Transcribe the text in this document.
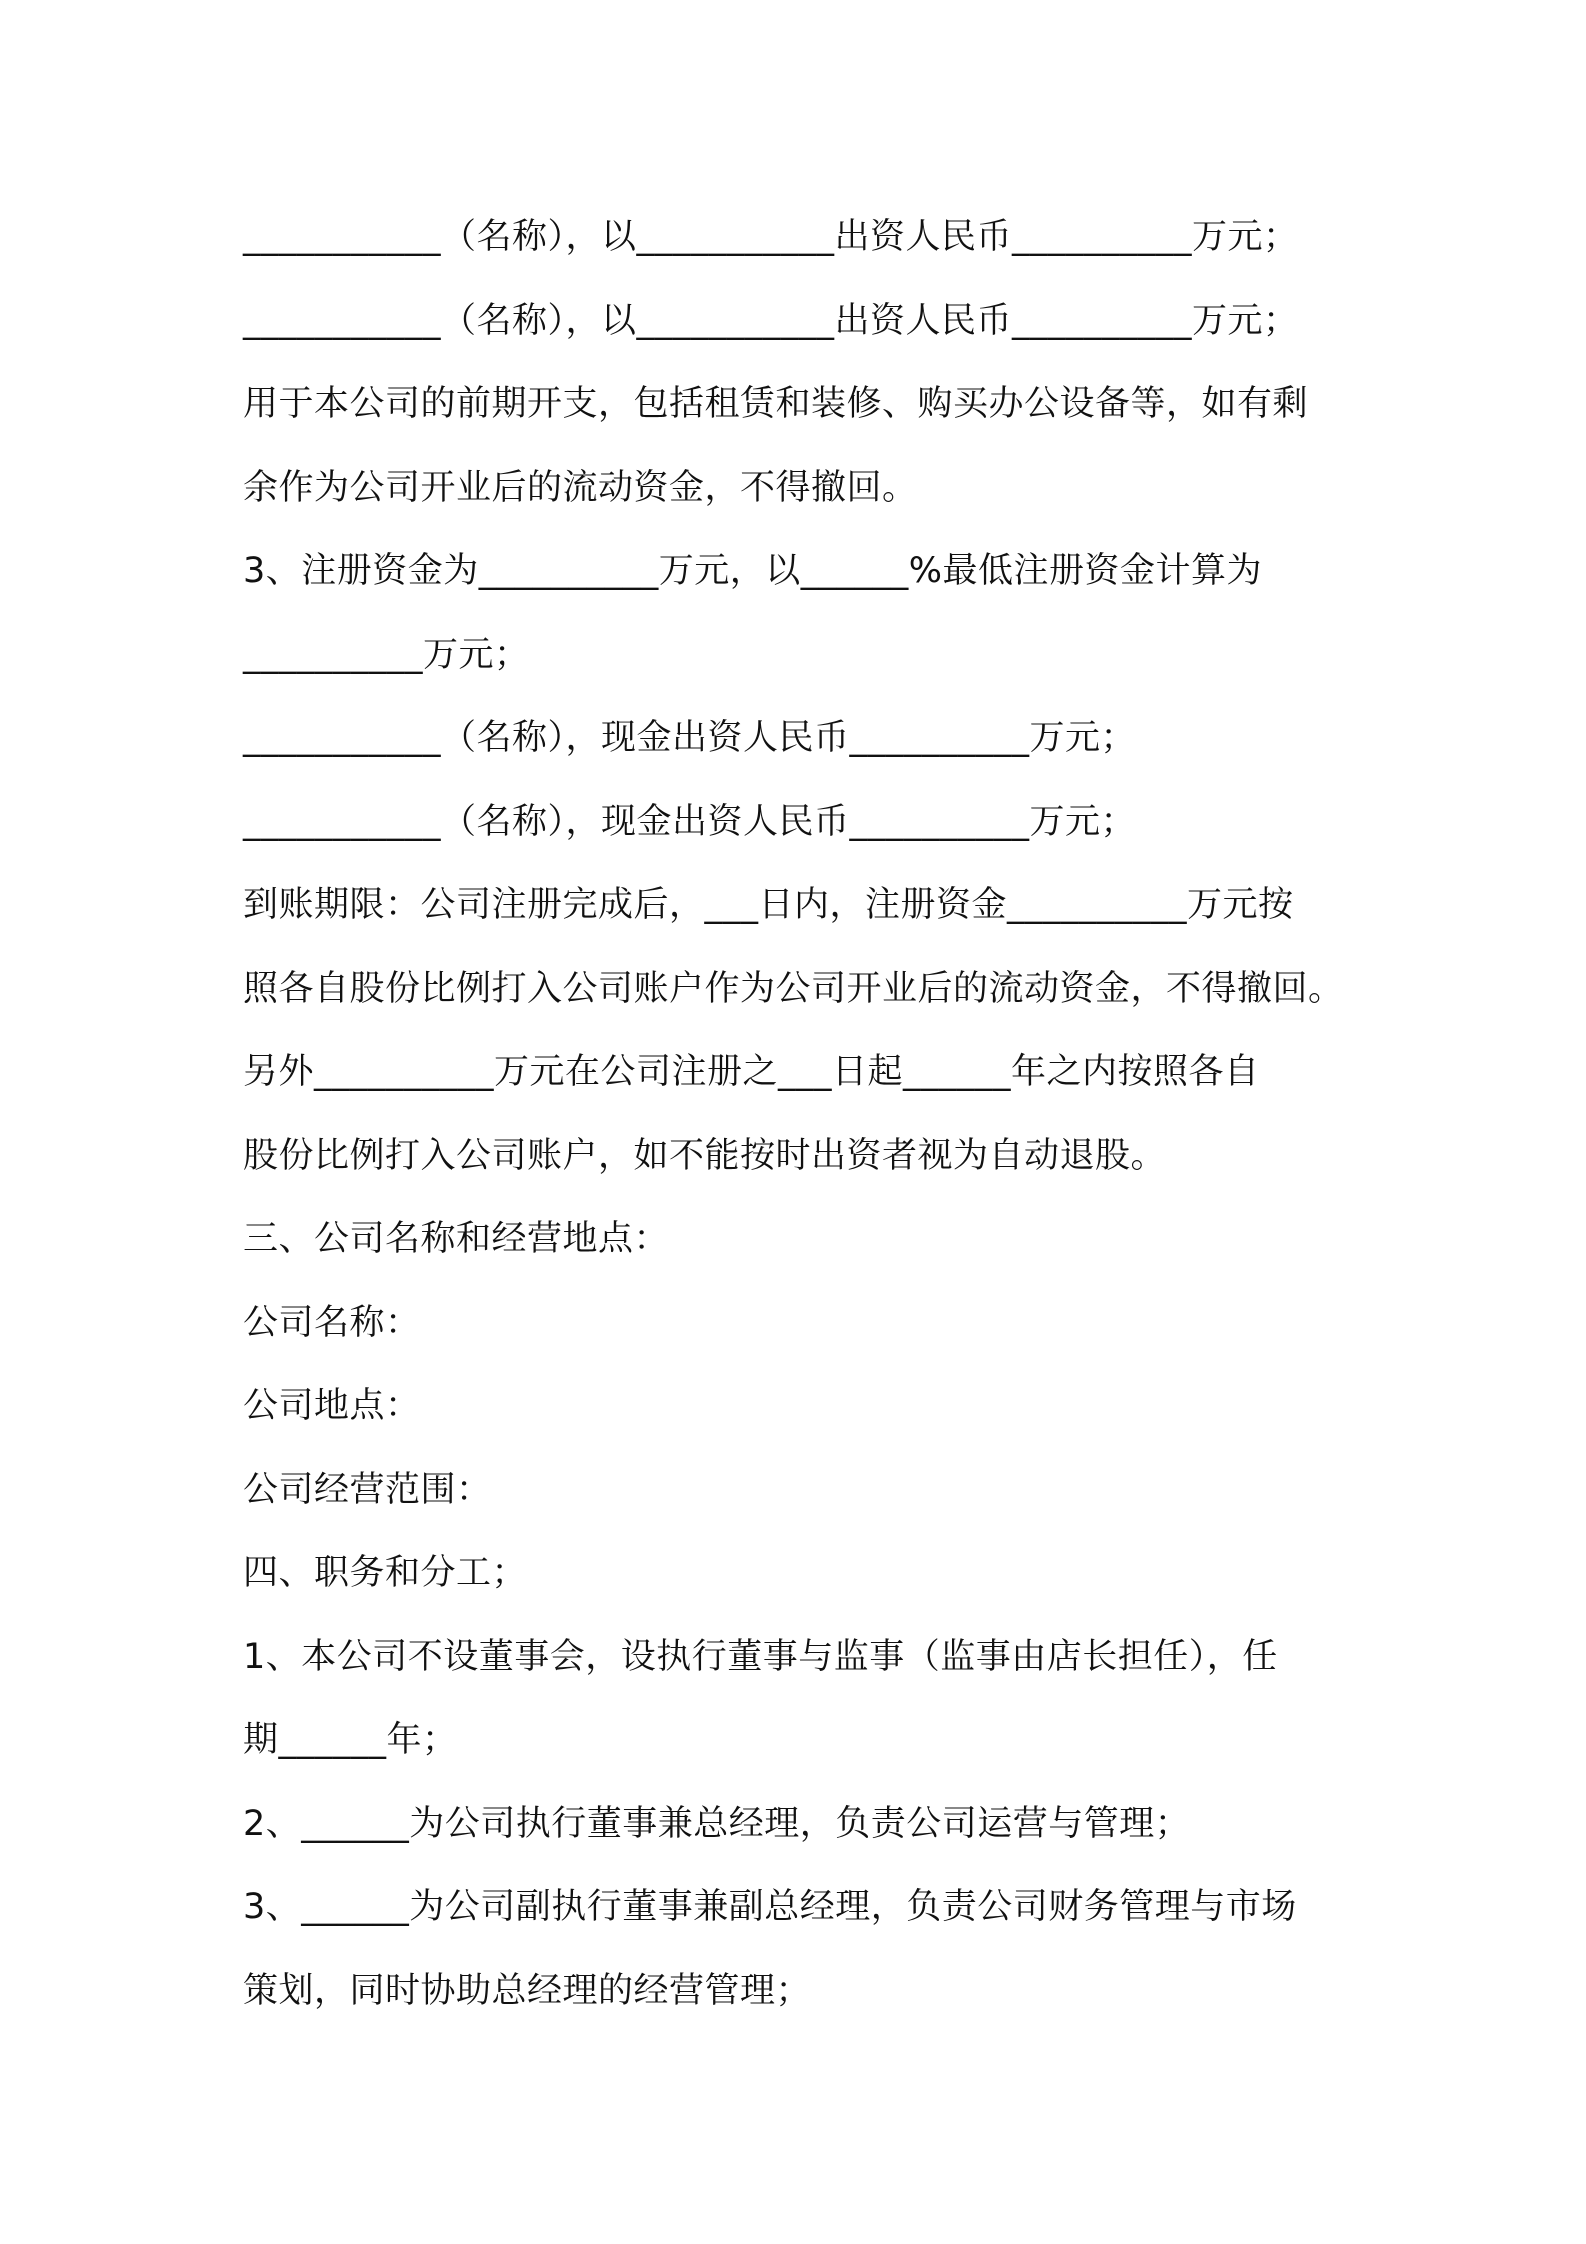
___________（名称），以___________出资人民币__________万元；
___________（名称），以___________出资人民币__________万元；
用于本公司的前期开支，包括租赁和装修、购买办公设备等，如有剩
余作为公司开业后的流动资金，不得撤回。
3、注册资金为__________万元，以______%最低注册资金计算为
__________万元；
___________（名称），现金出资人民币__________万元；
___________（名称），现金出资人民币__________万元；
到账期限：公司注册完成后，___日内，注册资金__________万元按
照各自股份比例打入公司账户作为公司开业后的流动资金，不得撤回。
另外__________万元在公司注册之___日起______年之内按照各自
股份比例打入公司账户，如不能按时出资者视为自动退股。
三、公司名称和经营地点：
公司名称：
公司地点：
公司经营范围：
四、职务和分工；
1、本公司不设董事会，设执行董事与监事（监事由店长担任），任
期______年；
2、______为公司执行董事兼总经理，负责公司运营与管理；
3、______为公司副执行董事兼副总经理，负责公司财务管理与市场
策划，同时协助总经理的经营管理；
